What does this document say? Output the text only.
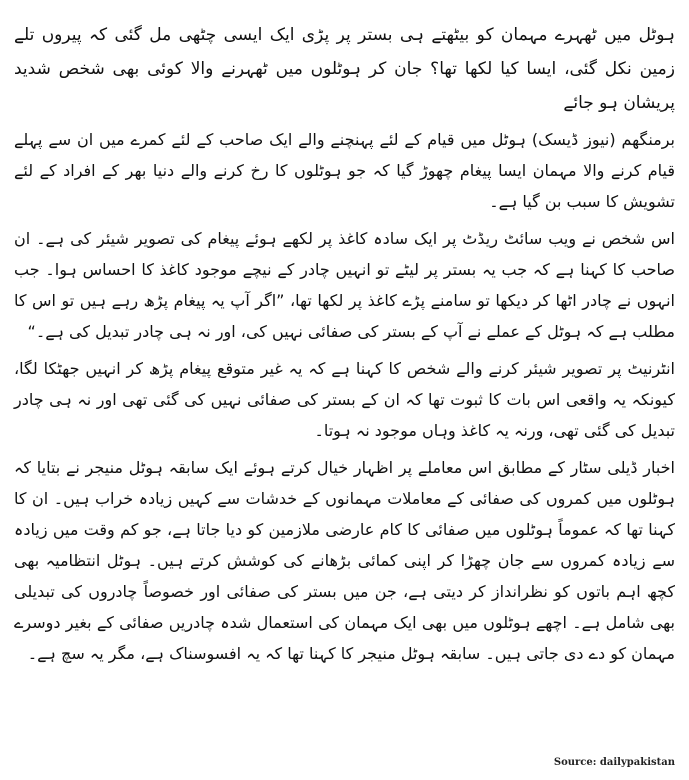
ہوٹل میں ٹھہرے مہمان کو بیٹھتے ہی بستر پر پڑی ایک ایسی چٹھی مل گئی کہ پیروں تلے زمین نکل گئی، ایسا کیا لکھا تھا؟ جان کر ہوٹلوں میں ٹھہرنے والا کوئی بھی شخص شدید پریشان ہو جائے

برمنگھم (نیوز ڈیسک) ہوٹل میں قیام کے لئے پہنچنے والے ایک صاحب کے لئے کمرے میں ان سے پہلے قیام کرنے والا مہمان ایسا پیغام چھوڑ گیا کہ جو ہوٹلوں کا رخ کرنے والے دنیا بھر کے افراد کے لئے تشویش کا سبب بن گیا ہے۔

اس شخص نے ویب سائٹ ریڈٹ پر ایک سادہ کاغذ پر لکھے ہوئے پیغام کی تصویر شیئر کی ہے۔ ان صاحب کا کہنا ہے کہ جب یہ بستر پر لیٹے تو انہیں چادر کے نیچے موجود کاغذ کا احساس ہوا۔ جب انہوں نے چادر اٹھا کر دیکھا تو سامنے پڑے کاغذ پر لکھا تھا، ”اگر آپ یہ پیغام پڑھ رہے ہیں تو اس کا مطلب ہے کہ ہوٹل کے عملے نے آپ کے بستر کی صفائی نہیں کی، اور نہ ہی چادر تبدیل کی ہے۔“

انٹرنیٹ پر تصویر شیئر کرنے والے شخص کا کہنا ہے کہ یہ غیر متوقع پیغام پڑھ کر انہیں جھٹکا لگا، کیونکہ یہ واقعی اس بات کا ثبوت تھا کہ ان کے بستر کی صفائی نہیں کی گئی تھی اور نہ ہی چادر تبدیل کی گئی تھی، ورنہ یہ کاغذ وہاں موجود نہ ہوتا۔

اخبار ڈیلی سٹار کے مطابق اس معاملے پر اظہار خیال کرتے ہوئے ایک سابقہ ہوٹل منیجر نے بتایا کہ ہوٹلوں میں کمروں کی صفائی کے معاملات مہمانوں کے خدشات سے کہیں زیادہ خراب ہیں۔ ان کا کہنا تھا کہ عموماً ہوٹلوں میں صفائی کا کام عارضی ملازمین کو دیا جاتا ہے، جو کم وقت میں زیادہ سے زیادہ کمروں سے جان چھڑا کر اپنی کمائی بڑھانے کی کوشش کرتے ہیں۔ ہوٹل انتظامیہ بھی کچھ اہم باتوں کو نظرانداز کر دیتی ہے، جن میں بستر کی صفائی اور خصوصاً چادروں کی تبدیلی بھی شامل ہے۔ اچھے ہوٹلوں میں بھی ایک مہمان کی استعمال شدہ چادریں صفائی کے بغیر دوسرے مہمان کو دے دی جاتی ہیں۔ سابقہ ہوٹل منیجر کا کہنا تھا کہ یہ افسوسناک ہے، مگر یہ سچ ہے۔

Source: dailypakistan
